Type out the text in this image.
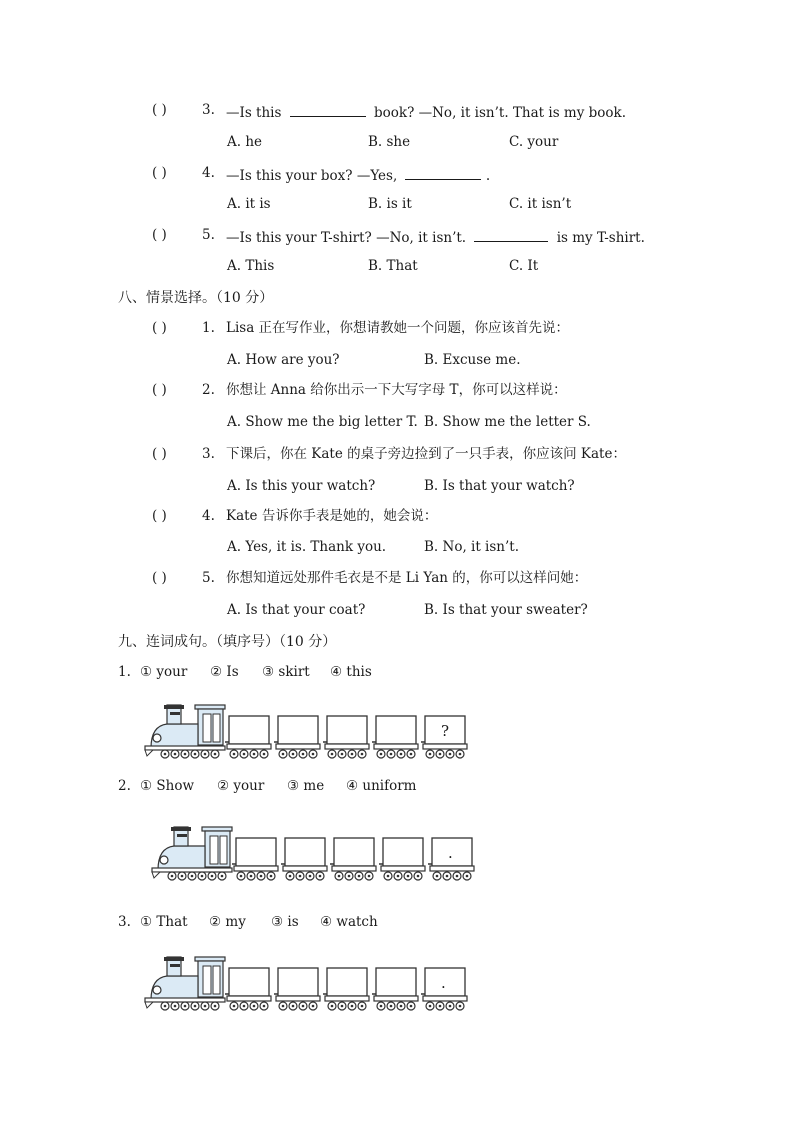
( )	3. —Is this	book? —No, it isn’t. That is my book.
A. he	B. she	C. your
( )	4. —Is this your box? —Yes,	.
A. it is	B. is it	C. it isn’t
( )	5. —Is this your T-shirt? —No, it isn’t.	is my T-shirt.
A. This	B. That	C. It
八、情景选择。（10 分）
( )	1. Lisa 正在写作业，你想请教她一个问题，你应该首先说：
A. How are you?	B. Excuse me.
( )	2. 你想让 Anna 给你出示一下大写字母 T，你可以这样说：
A. Show me the big letter T. B. Show me the letter S.
( )	3. 下课后，你在 Kate 的桌子旁边捡到了一只手表，你应该问 Kate：
A. Is this your watch?	B. Is that your watch?
( )	4. Kate 告诉你手表是她的，她会说：
A. Yes, it is. Thank you.	B. No, it isn’t.
( )	5. 你想知道远处那件毛衣是不是 Li Yan 的，你可以这样问她：
A. Is that your coat?	B. Is that your sweater?
九、连词成句。（填序号）（10 分）
1. ① your ② Is ③ skirt ④ this
?
2. ① Show ② your ③ me ④ uniform
.
3. ① That ② my ③ is ④ watch
.
